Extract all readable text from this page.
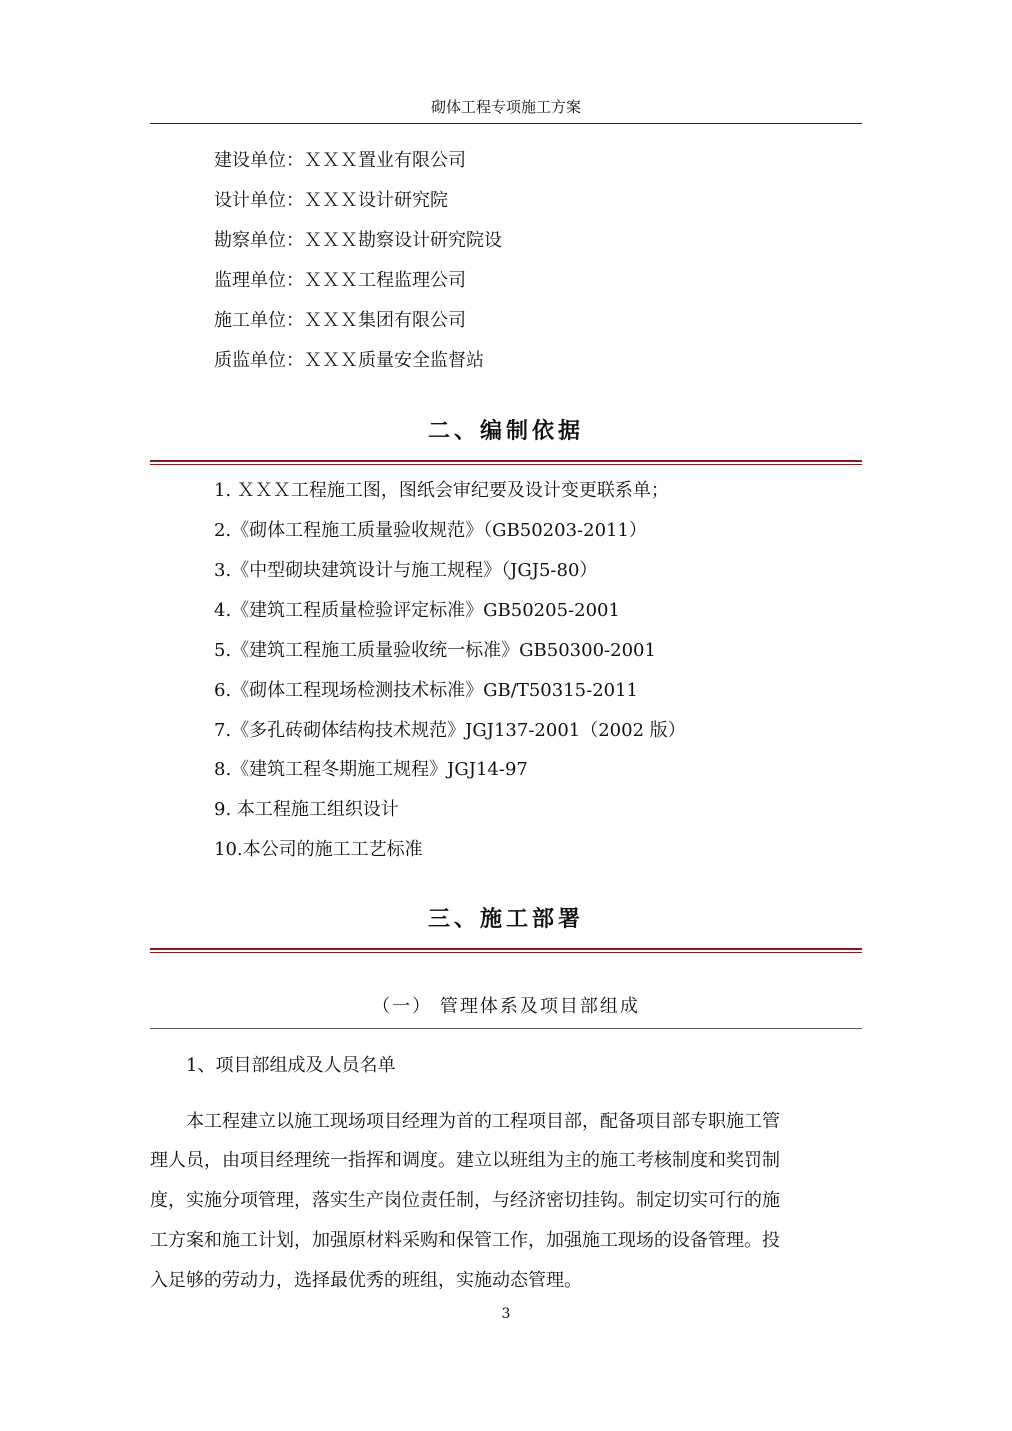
砌体工程专项施工方案
建设单位：ＸＸＸ置业有限公司
设计单位：ＸＸＸ设计研究院
勘察单位：ＸＸＸ勘察设计研究院设
监理单位：ＸＸＸ工程监理公司
施工单位：ＸＸＸ集团有限公司
质监单位：ＸＸＸ质量安全监督站
二、编制依据
1. ＸＸＸ工程施工图，图纸会审纪要及设计变更联系单；
2.《砌体工程施工质量验收规范》（GB50203-2011）
3.《中型砌块建筑设计与施工规程》（JGJ5-80）
4.《建筑工程质量检验评定标准》GB50205-2001
5.《建筑工程施工质量验收统一标准》GB50300-2001
6.《砌体工程现场检测技术标准》GB/T50315-2011
7.《多孔砖砌体结构技术规范》JGJ137-2001（2002 版）
8.《建筑工程冬期施工规程》JGJ14-97
9. 本工程施工组织设计
10.本公司的施工工艺标准
三、施工部署
（一） 管理体系及项目部组成
1、项目部组成及人员名单
本工程建立以施工现场项目经理为首的工程项目部，配备项目部专职施工管
理人员，由项目经理统一指挥和调度。建立以班组为主的施工考核制度和奖罚制
度，实施分项管理，落实生产岗位责任制，与经济密切挂钩。制定切实可行的施
工方案和施工计划，加强原材料采购和保管工作，加强施工现场的设备管理。投
入足够的劳动力，选择最优秀的班组，实施动态管理。
3
